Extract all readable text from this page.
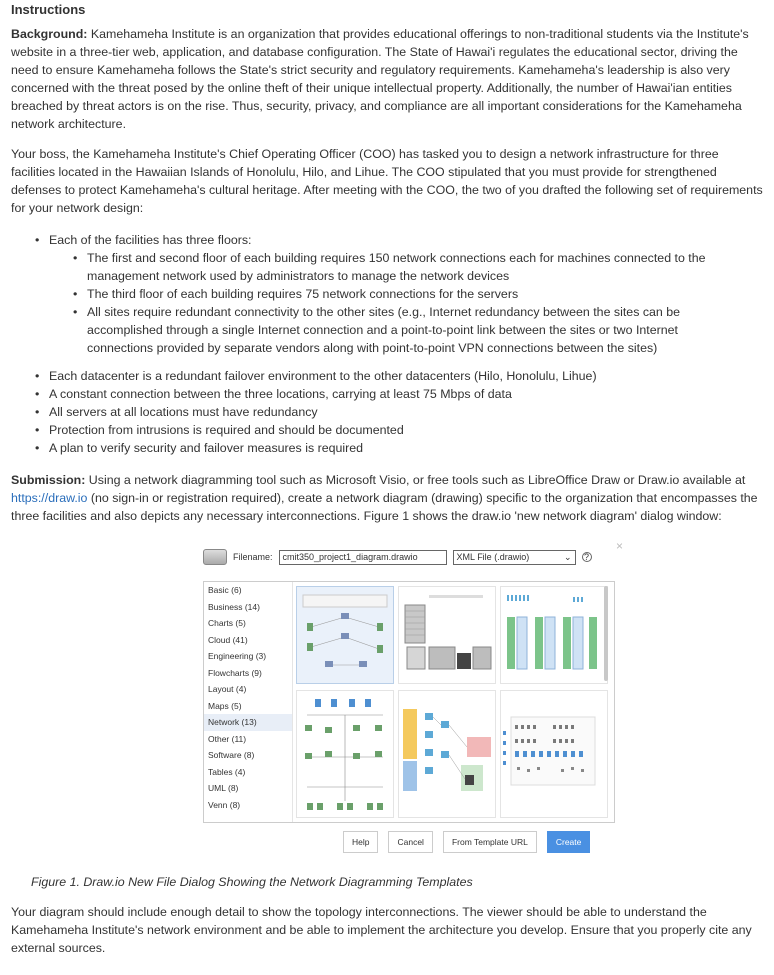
Instructions

Background: Kamehameha Institute is an organization that provides educational offerings to non-traditional students via the Institute's website in a three-tier web, application, and database configuration. The State of Hawai'i regulates the educational sector, driving the need to ensure Kamehameha follows the State's strict security and regulatory requirements. Kamehameha's leadership is also very concerned with the threat posed by the online theft of their unique intellectual property. Additionally, the number of Hawai'ian entities breached by threat actors is on the rise. Thus, security, privacy, and compliance are all important considerations for the Kamehameha network architecture.

Your boss, the Kamehameha Institute's Chief Operating Officer (COO) has tasked you to design a network infrastructure for three facilities located in the Hawaiian Islands of Honolulu, Hilo, and Lihue. The COO stipulated that you must provide for strengthened defenses to protect Kamehameha's cultural heritage. After meeting with the COO, the two of you drafted the following set of requirements for your network design:

• Each of the facilities has three floors:
• The first and second floor of each building requires 150 network connections each for machines connected to the management network used by administrators to manage the network devices
• The third floor of each building requires 75 network connections for the servers
• All sites require redundant connectivity to the other sites (e.g., Internet redundancy between the sites can be accomplished through a single Internet connection and a point-to-point link between the sites or two Internet connections provided by separate vendors along with point-to-point VPN connections between the sites)
• Each datacenter is a redundant failover environment to the other datacenters (Hilo, Honolulu, Lihue)
• A constant connection between the three locations, carrying at least 75 Mbps of data
• All servers at all locations must have redundancy
• Protection from intrusions is required and should be documented
• A plan to verify security and failover measures is required

Submission: Using a network diagramming tool such as Microsoft Visio, or free tools such as LibreOffice Draw or Draw.io available at https://draw.io (no sign-in or registration required), create a network diagram (drawing) specific to the organization that encompasses the three facilities and also depicts any necessary interconnections. Figure 1 shows the draw.io 'new network diagram' dialog window:

×
Filename:	cmit350_project1_diagram.drawio	XML File (.drawio)	⌄ ?
Basic (6)
Business (14)
Charts (5)
Cloud (41)
Engineering (3)
Flowcharts (9)
Layout (4)
Maps (5)
Network (13)
Other (11)
Software (8)
Tables (4)
UML (8)
Venn (8)
Help	Cancel	From Template URL	Create
Figure 1. Draw.io New File Dialog Showing the Network Diagramming Templates

Your diagram should include enough detail to show the topology interconnections. The viewer should be able to understand the Kamehameha Institute's network environment and be able to implement the architecture you develop. Ensure that you properly cite any external sources.
